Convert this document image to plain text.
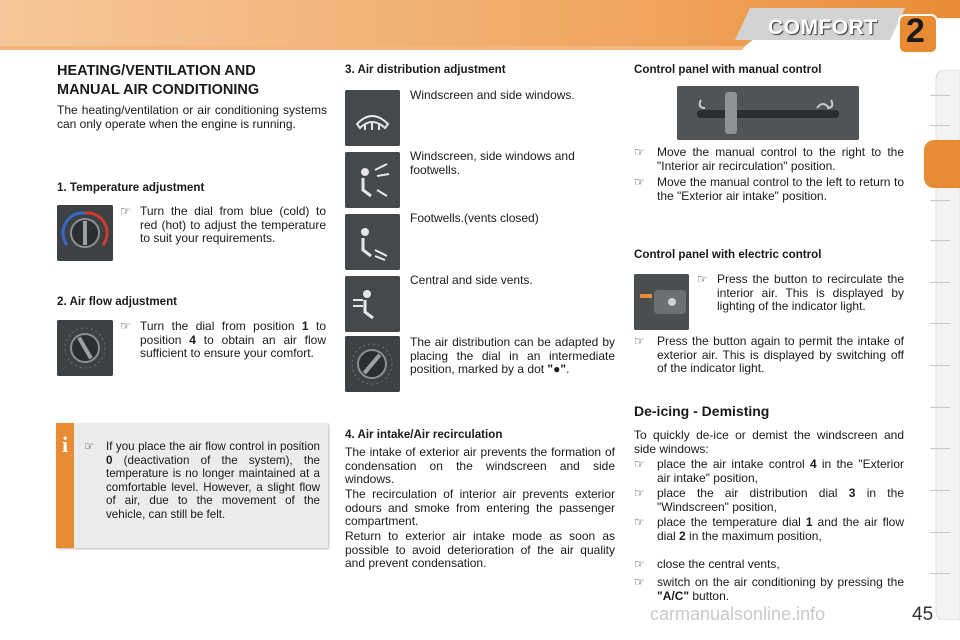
COMFORT 2
HEATING/VENTILATION AND
MANUAL AIR CONDITIONING
The heating/ventilation or air conditioning systems can only operate when the engine is running.
1. Temperature adjustment
☞ Turn the dial from blue (cold) to red (hot) to adjust the temperature to suit your requirements.
2. Air flow adjustment
☞ Turn the dial from position 1 to position 4 to obtain an air flow sufficient to ensure your comfort.
i	☞ If you place the air flow control in position 0 (deactivation of the system), the temperature is no longer maintained at a comfortable level. However, a slight flow of air, due to the movement of the vehicle, can still be felt.
3. Air distribution adjustment
Windscreen and side windows.
Windscreen, side windows and footwells.
Footwells.(vents closed)
Central and side vents.
The air distribution can be adapted by placing the dial in an intermediate position, marked by a dot "●".
4. Air intake/Air recirculation
The intake of exterior air prevents the formation of condensation on the windscreen and side windows.
The recirculation of interior air prevents exterior odours and smoke from entering the passenger compartment.
Return to exterior air intake mode as soon as possible to avoid deterioration of the air quality and prevent condensation.
Control panel with manual control
☞	Move the manual control to the right to the "Interior air recirculation" position.
☞	Move the manual control to the left to return to the "Exterior air intake" position.
Control panel with electric control
☞ Press the button to recirculate the interior air. This is displayed by lighting of the indicator light.
☞	Press the button again to permit the intake of exterior air. This is displayed by switching off of the indicator light.
De-icing - Demisting
To quickly de-ice or demist the windscreen and side windows:
☞	place the air intake control 4 in the "Exterior air intake" position,
☞	place the air distribution dial 3 in the "Windscreen" position,
☞	place the temperature dial 1 and the air flow dial 2 in the maximum position,
☞	close the central vents,
☞	switch on the air conditioning by pressing the "A/C" button.
carmanualsonline.info	45
